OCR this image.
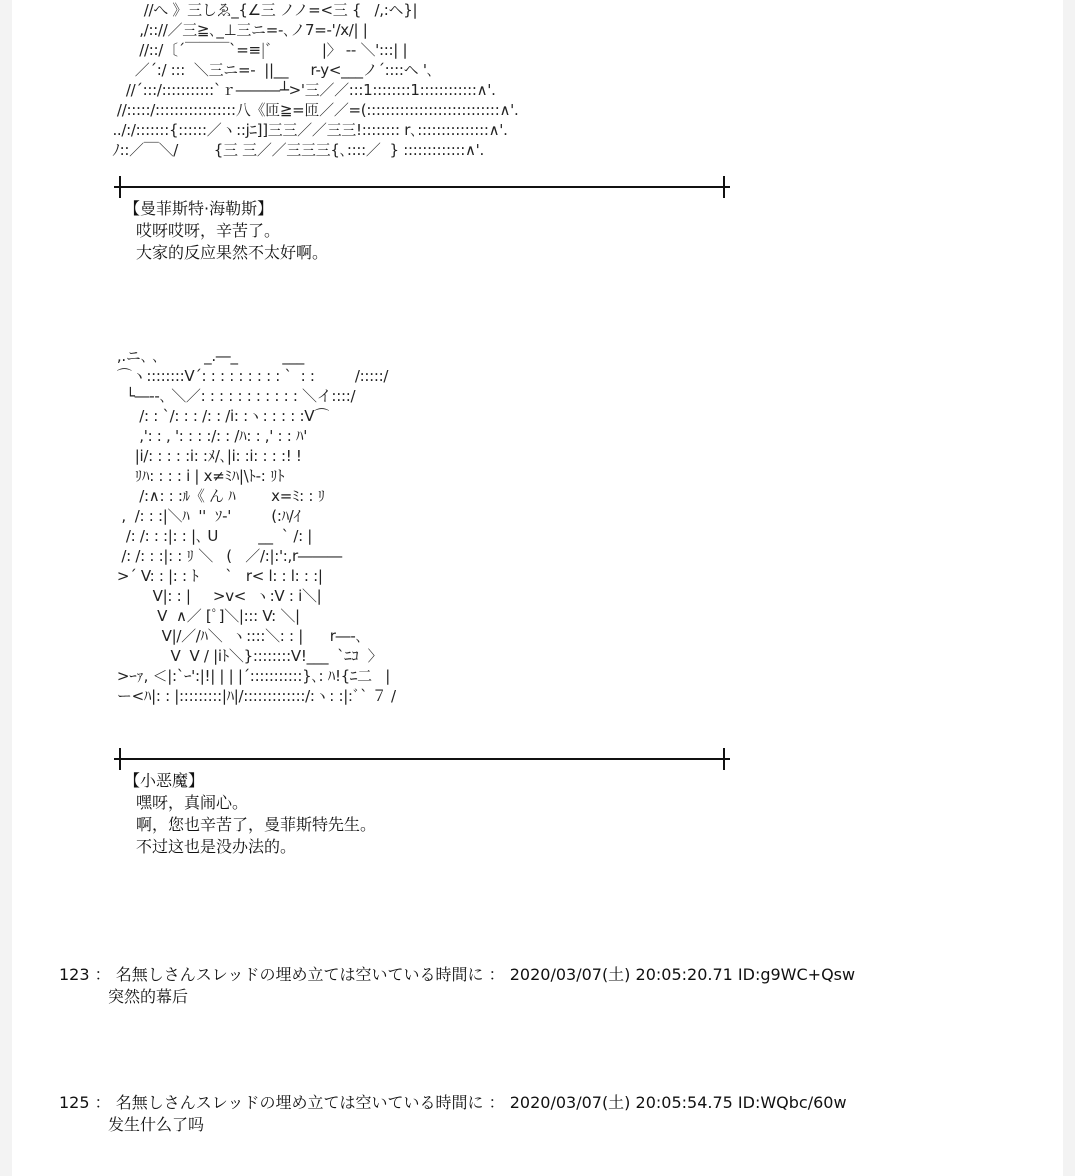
//へ 》三しゑ_{∠三 ノノ=<三 {   /,:ヘ}|
,/:://／三≧､_⊥三ニ=-､ノ7=-'/x/| |
//::/〔´￣￣￣`=≡|ﾞ           |〉 -- ＼':::| |
／´:/ :::  ＼三ニ=-  ||__     r-y<___ノ´::::ヘ '､
//´:::/:::::::::::`ｒ―――┴>'三／／:::1::::::::1::::::::::::∧'.
//:::::/:::::::::::::::::八《匝≧=匝／／=(::::::::::::::::::::::::::::∧'.
../:/:::::::{::::::／ヽ::jﾆ]]三三／／三三!:::::::: r､:::::::::::::::∧'.
ﾉ::／￣＼/        {三 三／／三三三{､::::／  } :::::::::::::∧'.
【曼菲斯特·海勒斯】
哎呀哎呀，辛苦了。
大家的反应果然不太好啊。
,.ニ､ ､          _.―_          ___
⌒ヽ::::::::V´: : : : : : : : : `  : :         /:::::/
└―--､ ＼／: : : : : : : : : : : ＼イ::::/
/: : `/: : : /: : /i: :ヽ: : : : :V⌒
,': : , ': : : :/: : /ﾊ: : ,' : : ﾊ'
|i/: : : : :i: :ﾒ/､|i: :i: : : :! !
ﾘﾊ: : : : i | x≠ﾐﾊ|\ﾄ-: ﾘﾄ
/:∧: : :ﾙ《 ん ﾊ        x=ﾐ: : ﾘ
,  /: : :|＼ﾊ  ''  ｿ-'         (:ﾊ/ｲ
/: /: : :|: : |､ U         __  ` /: |
/: /: : :|: : ﾘ ＼   (   ／/:|:':,r―――
>´ V: : |: : ﾄ      `   r< l: : l: : :|
V|: : |     >v<  ヽ:V : i＼|
V  ∧／ [ﾟ]＼|::: V: ＼|
V|/／/ﾊ＼  ヽ::::＼: : |      r―-､
V  V / |iﾄ＼}::::::::V!___  `ﾆｺ  〉
>ｰｧ, ＜|:`ｰ':|!| | | |´:::::::::::}､: ﾊ!{ﾆ二   |
ー<ﾊ|: : |:::::::::|ﾊ|/:::::::::::::/:ヽ: :|:ﾞ` ７ /
【小恶魔】
嘿呀，真闹心。
啊，您也辛苦了，曼菲斯特先生。
不过这也是没办法的。
123 ： 名無しさんスレッドの埋め立ては空いている時間に ： 2020/03/07(土) 20:05:20.71 ID:g9WC+Qsw
突然的幕后
125 ： 名無しさんスレッドの埋め立ては空いている時間に ： 2020/03/07(土) 20:05:54.75 ID:WQbc/60w
发生什么了吗
